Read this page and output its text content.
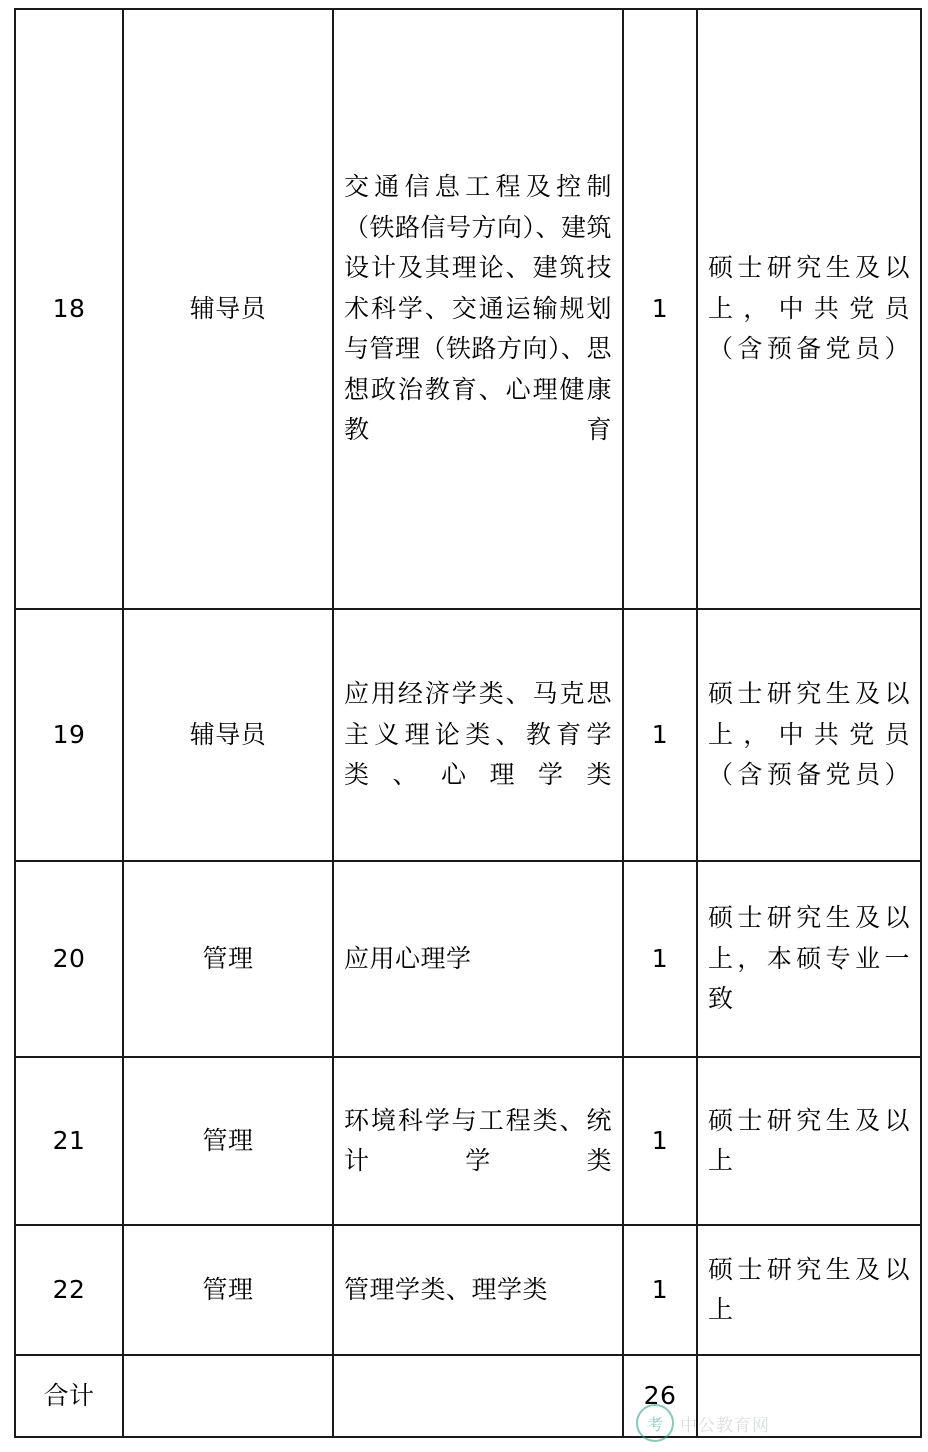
18	辅导员	交通信息工程及控制（铁路信号方向）、建筑设计及其理论、建筑技术科学、交通运输规划与管理（铁路方向）、思想政治教育、心理健康教育	1	硕士研究生及以上，中共党员（含预备党员）
19	辅导员	应用经济学类、马克思主义理论类、教育学类、心理学类	1	硕士研究生及以上，中共党员（含预备党员）
20	管理	应用心理学	1	硕士研究生及以上，本硕专业一致
21	管理	环境科学与工程类、统计学类	1	硕士研究生及以上
22	管理	管理学类、理学类	1	硕士研究生及以上
合计			26	
考	中公教育网
